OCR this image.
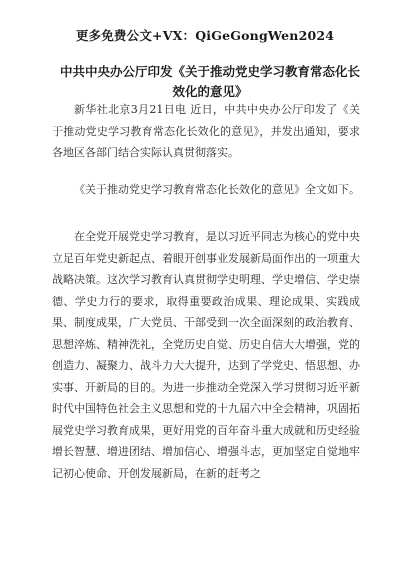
更多免费公文+VX：QiGeGongWen2024
中共中央办公厅印发《关于推动党史学习教育常态化长效化的意见》
新华社北京3月21日电 近日，中共中央办公厅印发了《关于推动党史学习教育常态化长效化的意见》，并发出通知，要求各地区各部门结合实际认真贯彻落实。
《关于推动党史学习教育常态化长效化的意见》全文如下。
在全党开展党史学习教育，是以习近平同志为核心的党中央立足百年党史新起点、着眼开创事业发展新局面作出的一项重大战略决策。这次学习教育认真贯彻学史明理、学史增信、学史崇德、学史力行的要求，取得重要政治成果、理论成果、实践成果、制度成果，广大党员、干部受到一次全面深刻的政治教育、思想淬炼、精神洗礼，全党历史自觉、历史自信大大增强，党的创造力、凝聚力、战斗力大大提升，达到了学党史、悟思想、办实事、开新局的目的。为进一步推动全党深入学习贯彻习近平新时代中国特色社会主义思想和党的十九届六中全会精神，巩固拓展党史学习教育成果，更好用党的百年奋斗重大成就和历史经验增长智慧、增进团结、增加信心、增强斗志，更加坚定自觉地牢记初心使命、开创发展新局，在新的赶考之
